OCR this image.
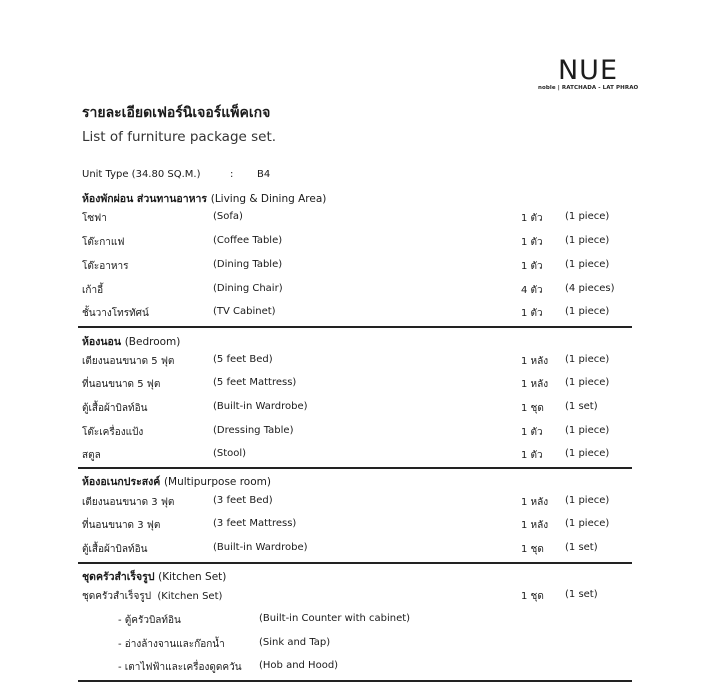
NUE
noble | RATCHADA - LAT PHRAO
รายละเอียดเฟอร์นิเจอร์แพ็คเกจ
List of furniture package set.
Unit Type (34.80 SQ.M.)	: B4
ห้องพักผ่อน ส่วนทานอาหาร (Living & Dining Area)
โซฟา	(Sofa)	1 ตัว (1 piece)
โต๊ะกาแฟ	(Coffee Table)	1 ตัว (1 piece)
โต๊ะอาหาร	(Dining Table)	1 ตัว (1 piece)
เก้าอี้	(Dining Chair)	4 ตัว (4 pieces)
ชั้นวางโทรทัศน์	(TV Cabinet)	1 ตัว (1 piece)
ห้องนอน (Bedroom)
เตียงนอนขนาด 5 ฟุต	(5 feet Bed)	1 หลัง (1 piece)
ที่นอนขนาด 5 ฟุต	(5 feet Mattress)	1 หลัง (1 piece)
ตู้เสื้อผ้าบิลท์อิน	(Built-in Wardrobe)	1 ชุด (1 set)
โต๊ะเครื่องแป้ง	(Dressing Table)	1 ตัว (1 piece)
สตูล	(Stool)	1 ตัว (1 piece)
ห้องอเนกประสงค์ (Multipurpose room)
เตียงนอนขนาด 3 ฟุต	(3 feet Bed)	1 หลัง (1 piece)
ที่นอนขนาด 3 ฟุต	(3 feet Mattress)	1 หลัง (1 piece)
ตู้เสื้อผ้าบิลท์อิน	(Built-in Wardrobe)	1 ชุด (1 set)
ชุดครัวสำเร็จรูป (Kitchen Set)
ชุดครัวสำเร็จรูป  (Kitchen Set)	1 ชุด (1 set)
- ตู้ครัวบิลท์อิน	(Built-in Counter with cabinet)
- อ่างล้างจานและก๊อกน้ำ	(Sink and Tap)
- เตาไฟฟ้าและเครื่องดูดควัน (Hob and Hood)
